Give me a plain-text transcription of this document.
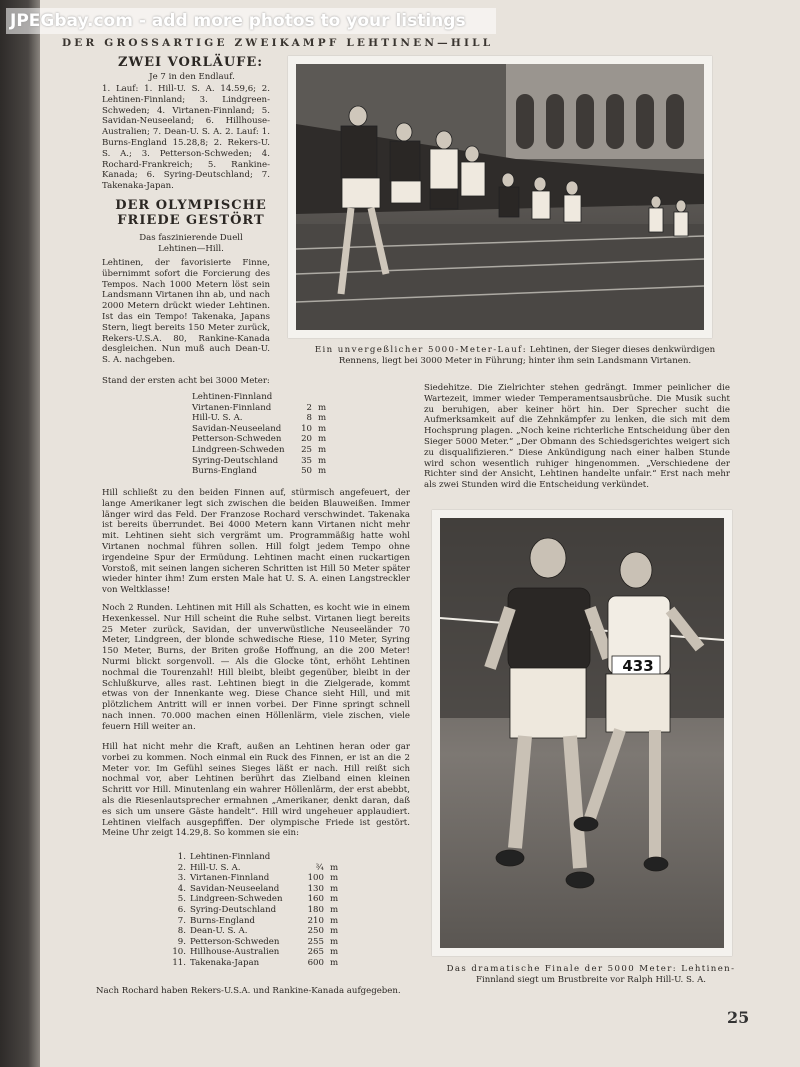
JPEGbay.com - add more photos to your listings
DER GROSSARTIGE ZWEIKAMPF LEHTINEN—HILL
ZWEI VORLÄUFE:
Je 7 in den Endlauf.
1. Lauf: 1. Hill-U. S. A. 14.59,6; 2. Lehtinen-Finnland; 3. Lindgreen-Schweden; 4. Virtanen-Finnland; 5. Savidan-Neuseeland; 6. Hillhouse-Australien; 7. Dean-U. S. A. 2. Lauf: 1. Burns-England 15.28,8; 2. Rekers-U. S. A.; 3. Petterson-Schweden; 4. Rochard-Frankreich; 5. Rankine-Kanada; 6. Syring-Deutschland; 7. Takenaka-Japan.
DER OLYMPISCHE
FRIEDE GESTÖRT
Das faszinierende Duell
Lehtinen—Hill.
Lehtinen, der favorisierte Finne, übernimmt sofort die Forcierung des Tempos. Nach 1000 Metern löst sein Landsmann Virtanen ihn ab, und nach 2000 Metern drückt wieder Lehtinen. Ist das ein Tempo! Takenaka, Japans Stern, liegt bereits 150 Meter zurück, Rekers-U.S.A. 80, Rankine-Kanada desgleichen. Nun muß auch Dean-U. S. A. nachgeben.
Stand der ersten acht bei 3000 Meter:
Lehtinen-Finnland
Virtanen-Finnland	2 m
Hill-U. S. A.	8 m
Savidan-Neuseeland	10 m
Petterson-Schweden	20 m
Lindgreen-Schweden	25 m
Syring-Deutschland	35 m
Burns-England	50 m
Hill schließt zu den beiden Finnen auf, stürmisch angefeuert, der lange Amerikaner legt sich zwischen die beiden Blauweißen. Immer länger wird das Feld. Der Franzose Rochard verschwindet. Takenaka ist bereits überrundet. Bei 4000 Metern kann Virtanen nicht mehr mit. Lehtinen sieht sich vergrämt um. Programmäßig hatte wohl Virtanen nochmal führen sollen. Hill folgt jedem Tempo ohne irgendeine Spur der Ermüdung. Lehtinen macht einen ruckartigen Vorstoß, mit seinen langen sicheren Schritten ist Hill 50 Meter später wieder hinter ihm! Zum ersten Male hat U. S. A. einen Langstreckler von Weltklasse!
Noch 2 Runden. Lehtinen mit Hill als Schatten, es kocht wie in einem Hexenkessel. Nur Hill scheint die Ruhe selbst. Virtanen liegt bereits 25 Meter zurück, Savidan, der unverwüstliche Neuseeländer 70 Meter, Lindgreen, der blonde schwedische Riese, 110 Meter, Syring 150 Meter, Burns, der Briten große Hoffnung, an die 200 Meter! Nurmi blickt sorgenvoll. — Als die Glocke tönt, erhöht Lehtinen nochmal die Tourenzahl! Hill bleibt, bleibt gegenüber, bleibt in der Schlußkurve, alles rast. Lehtinen biegt in die Zielgerade, kommt etwas von der Innenkante weg. Diese Chance sieht Hill, und mit plötzlichem Antritt will er innen vorbei. Der Finne springt schnell nach innen. 70.000 machen einen Höllenlärm, viele zischen, viele feuern Hill weiter an.
Hill hat nicht mehr die Kraft, außen an Lehtinen heran oder gar vorbei zu kommen. Noch einmal ein Ruck des Finnen, er ist an die 2 Meter vor. Im Gefühl seines Sieges läßt er nach. Hill reißt sich nochmal vor, aber Lehtinen berührt das Zielband einen kleinen Schritt vor Hill. Minutenlang ein wahrer Höllenlärm, der erst abebbt, als die Riesenlautsprecher ermahnen „Amerikaner, denkt daran, daß es sich um unsere Gäste handelt“. Hill wird ungeheuer applaudiert. Lehtinen vielfach ausgepfiffen. Der olympische Friede ist gestört. Meine Uhr zeigt 14.29,8. So kommen sie ein:
1. Lehtinen-Finnland
2. Hill-U. S. A.	¾ m
3. Virtanen-Finnland	100 m
4. Savidan-Neuseeland	130 m
5. Lindgreen-Schweden	160 m
6. Syring-Deutschland	180 m
7. Burns-England	210 m
8. Dean-U. S. A.	250 m
9. Petterson-Schweden	255 m
10. Hillhouse-Australien	265 m
11. Takenaka-Japan	600 m
Nach Rochard haben Rekers-U.S.A. und Rankine-Kanada aufgegeben.
Ein unvergeßlicher 5000-Meter-Lauf: Lehtinen, der Sieger dieses denkwürdigen
Rennens, liegt bei 3000 Meter in Führung; hinter ihm sein Landsmann Virtanen.
Siedehitze. Die Zielrichter stehen gedrängt. Immer peinlicher die Wartezeit, immer wieder Temperamentsausbrüche. Die Musik sucht zu beruhigen, aber keiner hört hin. Der Sprecher sucht die Aufmerksamkeit auf die Zehnkämpfer zu lenken, die sich mit dem Hochsprung plagen. „Noch keine richterliche Entscheidung über den Sieger 5000 Meter.“ „Der Obmann des Schiedsgerichtes weigert sich zu disqualifizieren.“ Diese Ankündigung nach einer halben Stunde wird schon wesentlich ruhiger hingenommen. „Verschiedene der Richter sind der Ansicht, Lehtinen handelte unfair.“ Erst nach mehr als zwei Stunden wird die Entscheidung verkündet.
433
Das dramatische Finale der 5000 Meter: Lehtinen-
Finnland siegt um Brustbreite vor Ralph Hill-U. S. A.
25
